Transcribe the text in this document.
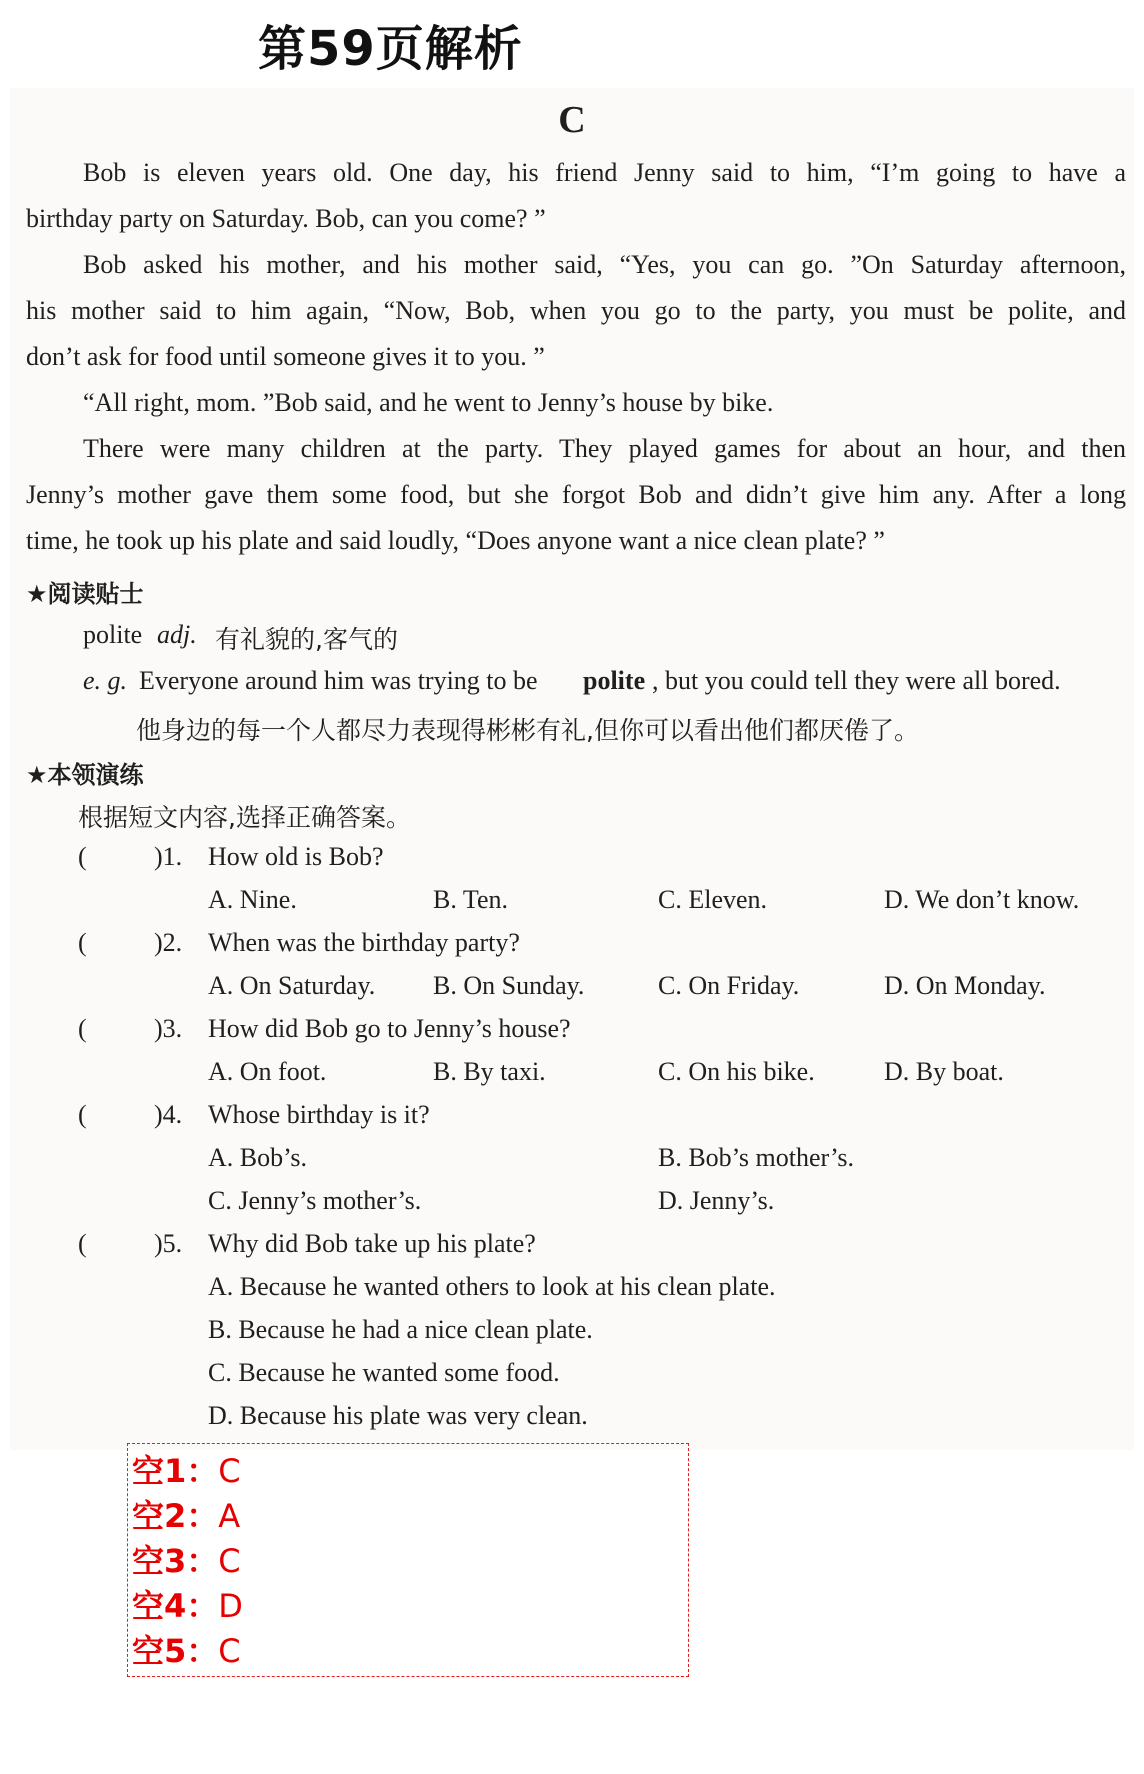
第59页解析
C

Bob is eleven years old. One day, his friend Jenny said to him, “I’m going to have a

birthday party on Saturday. Bob, can you come? ”

Bob asked his mother, and his mother said, “Yes, you can go. ”On Saturday afternoon,

his mother said to him again, “Now, Bob, when you go to the party, you must be polite, and

don’t ask for food until someone gives it to you. ”

“All right, mom. ”Bob said, and he went to Jenny’s house by bike.

There were many children at the party. They played games for about an hour, and then

Jenny’s mother gave them some food, but she forgot Bob and didn’t give him any. After a long

time, he took up his plate and said loudly, “Does anyone want a nice clean plate? ”

★阅读贴士

polite adj. 有礼貌的,客气的
e. g. Everyone around him was trying to be polite , but you could tell they were all bored.

他身边的每一个人都尽力表现得彬彬有礼,但你可以看出他们都厌倦了。

★本领演练

根据短文内容,选择正确答案。

(	)1. How old is Bob?
A. Nine.	B. Ten.	C. Eleven.	D. We don’t know.
(	)2. When was the birthday party?
A. On Saturday. B. On Sunday.	C. On Friday.	D. On Monday.
(	)3. How did Bob go to Jenny’s house?
A. On foot.	B. By taxi.	C. On his bike.	D. By boat.
(	)4. Whose birthday is it?
A. Bob’s.	B. Bob’s mother’s.
C. Jenny’s mother’s.	D. Jenny’s.
(	)5. Why did Bob take up his plate?
A. Because he wanted others to look at his clean plate.
B. Because he had a nice clean plate.
C. Because he wanted some food.
D. Because his plate was very clean.
空1：C
空2：A
空3：C
空4：D
空5：C
